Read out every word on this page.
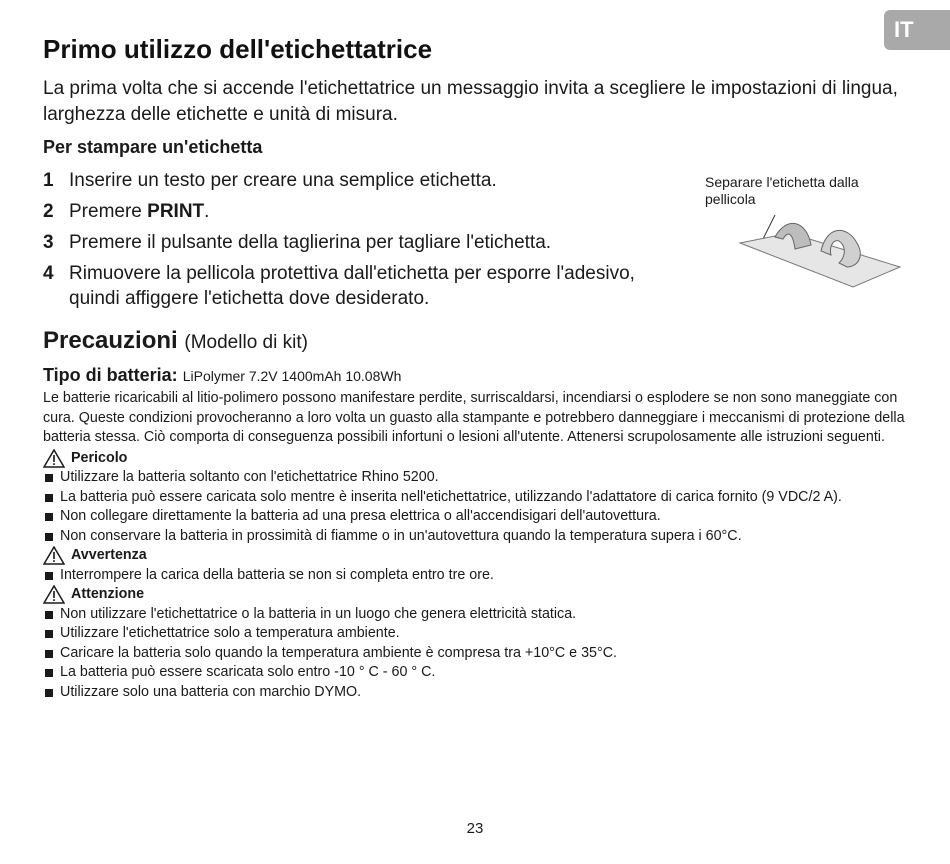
IT
Primo utilizzo dell'etichettatrice

La prima volta che si accende l'etichettatrice un messaggio invita a scegliere le impostazioni di lingua, larghezza delle etichette e unità di misura.

Per stampare un'etichetta
1 Inserire un testo per creare una semplice etichetta.
2 Premere PRINT.
3 Premere il pulsante della taglierina per tagliare l'etichetta.
4 Rimuovere la pellicola protettiva dall'etichetta per esporre l'adesivo, quindi affiggere l'etichetta dove desiderato.
Separare l'etichetta dalla pellicola
Precauzioni (Modello di kit)
Tipo di batteria: LiPolymer 7.2V 1400mAh 10.08Wh

Le batterie ricaricabili al litio-polimero possono manifestare perdite, surriscaldarsi, incendiarsi o esplodere se non sono maneggiate con cura. Queste condizioni provocheranno a loro volta un guasto alla stampante e potrebbero danneggiare i meccanismi di protezione della batteria stessa. Ciò comporta di conseguenza possibili infortuni o lesioni all'utente. Attenersi scrupolosamente alle istruzioni seguenti.

Pericolo
Utilizzare la batteria soltanto con l'etichettatrice Rhino 5200.
La batteria può essere caricata solo mentre è inserita nell'etichettatrice, utilizzando l'adattatore di carica fornito (9 VDC/2 A).
Non collegare direttamente la batteria ad una presa elettrica o all'accendisigari dell'autovettura.
Non conservare la batteria in prossimità di fiamme o in un'autovettura quando la temperatura supera i 60°C.
Avvertenza
Interrompere la carica della batteria se non si completa entro tre ore.
Attenzione
Non utilizzare l'etichettatrice o la batteria in un luogo che genera elettricità statica.
Utilizzare l'etichettatrice solo a temperatura ambiente.
Caricare la batteria solo quando la temperatura ambiente è compresa tra +10°C e 35°C.
La batteria può essere scaricata solo entro -10 ° C - 60 ° C.
Utilizzare solo una batteria con marchio DYMO.
23
